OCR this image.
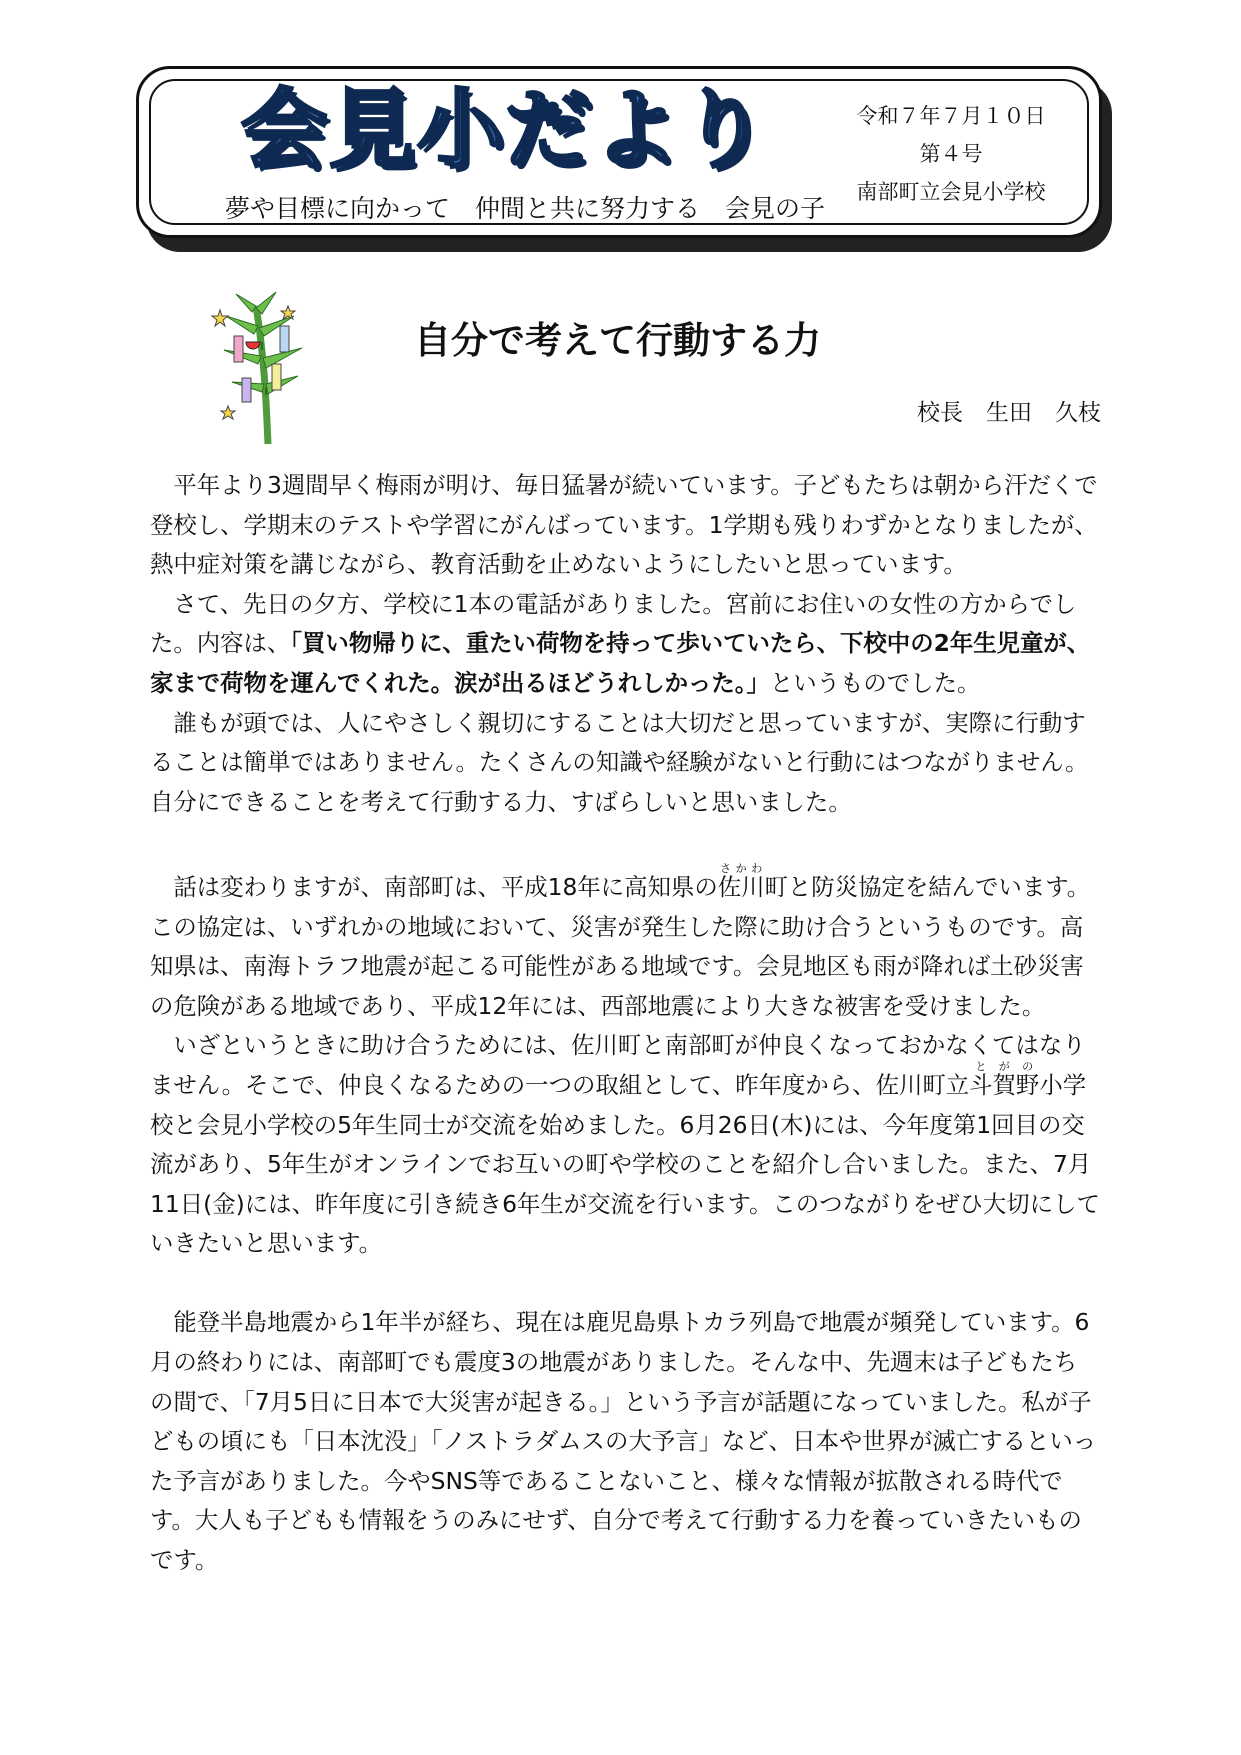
会見小だより
夢や目標に向かって　仲間と共に努力する　会見の子
令和７年７月１０日
第４号
南部町立会見小学校
自分で考えて行動する力
校長　生田　久枝

平年より3週間早く梅雨が明け、毎日猛暑が続いています。子どもたちは朝から汗だくで登校し、学期末のテストや学習にがんばっています。1学期も残りわずかとなりましたが、熱中症対策を講じながら、教育活動を止めないようにしたいと思っています。

さて、先日の夕方、学校に1本の電話がありました。宮前にお住いの女性の方からでした。内容は、「買い物帰りに、重たい荷物を持って歩いていたら、下校中の2年生児童が、家まで荷物を運んでくれた。涙が出るほどうれしかった。」というものでした。

誰もが頭では、人にやさしく親切にすることは大切だと思っていますが、実際に行動することは簡単ではありません。たくさんの知識や経験がないと行動にはつながりません。自分にできることを考えて行動する力、すばらしいと思いました。

話は変わりますが、南部町は、平成18年に高知県の佐川さかわ町と防災協定を結んでいます。この協定は、いずれかの地域において、災害が発生した際に助け合うというものです。高知県は、南海トラフ地震が起こる可能性がある地域です。会見地区も雨が降れば土砂災害の危険がある地域であり、平成12年には、西部地震により大きな被害を受けました。

いざというときに助け合うためには、佐川町と南部町が仲良くなっておかなくてはなりません。そこで、仲良くなるための一つの取組として、昨年度から、佐川町立斗賀野とがの小学校と会見小学校の5年生同士が交流を始めました。6月26日(木)には、今年度第1回目の交流があり、5年生がオンラインでお互いの町や学校のことを紹介し合いました。また、7月11日(金)には、昨年度に引き続き6年生が交流を行います。このつながりをぜひ大切にしていきたいと思います。

能登半島地震から1年半が経ち、現在は鹿児島県トカラ列島で地震が頻発しています。6月の終わりには、南部町でも震度3の地震がありました。そんな中、先週末は子どもたちの間で、「7月5日に日本で大災害が起きる。」という予言が話題になっていました。私が子どもの頃にも「日本沈没」「ノストラダムスの大予言」など、日本や世界が滅亡するといった予言がありました。今やSNS等であることないこと、様々な情報が拡散される時代です。大人も子どもも情報をうのみにせず、自分で考えて行動する力を養っていきたいものです。
